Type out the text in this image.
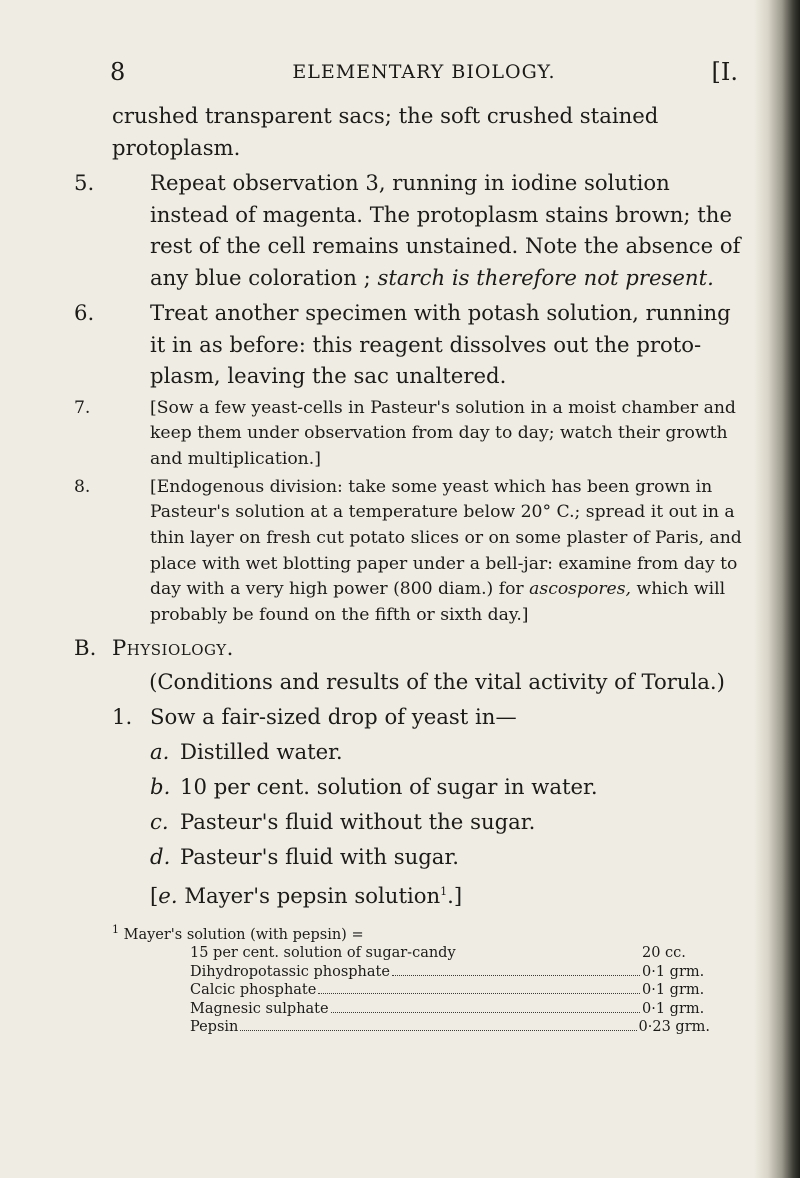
8	ELEMENTARY BIOLOGY.	[I.

crushed transparent sacs; the soft crushed stained
protoplasm.

5.	Repeat observation 3, running in iodine solution instead of magenta. The protoplasm stains brown; the rest of the cell remains unstained. Note the absence of any blue coloration ; starch is therefore not present.

6.	Treat another specimen with potash solution, running it in as before: this reagent dissolves out the proto-plasm, leaving the sac unaltered.

7.	[Sow a few yeast-cells in Pasteur's solution in a moist chamber and keep them under observation from day to day; watch their growth and multiplication.]

8.	[Endogenous division: take some yeast which has been grown in Pasteur's solution at a temperature below 20° C.; spread it out in a thin layer on fresh cut potato slices or on some plaster of Paris, and place with wet blotting paper under a bell-jar: examine from day to day with a very high power (800 diam.) for ascospores, which will probably be found on the fifth or sixth day.]

B. Physiology.
(Conditions and results of the vital activity of Torula.)
1. Sow a fair-sized drop of yeast in—
a. Distilled water.
b. 10 per cent. solution of sugar in water.
c. Pasteur's fluid without the sugar.
d. Pasteur's fluid with sugar.
[e. Mayer's pepsin solution$^1$.]
$^1$ Mayer's solution (with pepsin) =
15 per cent. solution of sugar-candy	20 cc.
Dihydropotassic phosphate	0·1 grm.
Calcic phosphate	0·1 grm.
Magnesic sulphate	0·1 grm.
Pepsin	0·23 grm.
